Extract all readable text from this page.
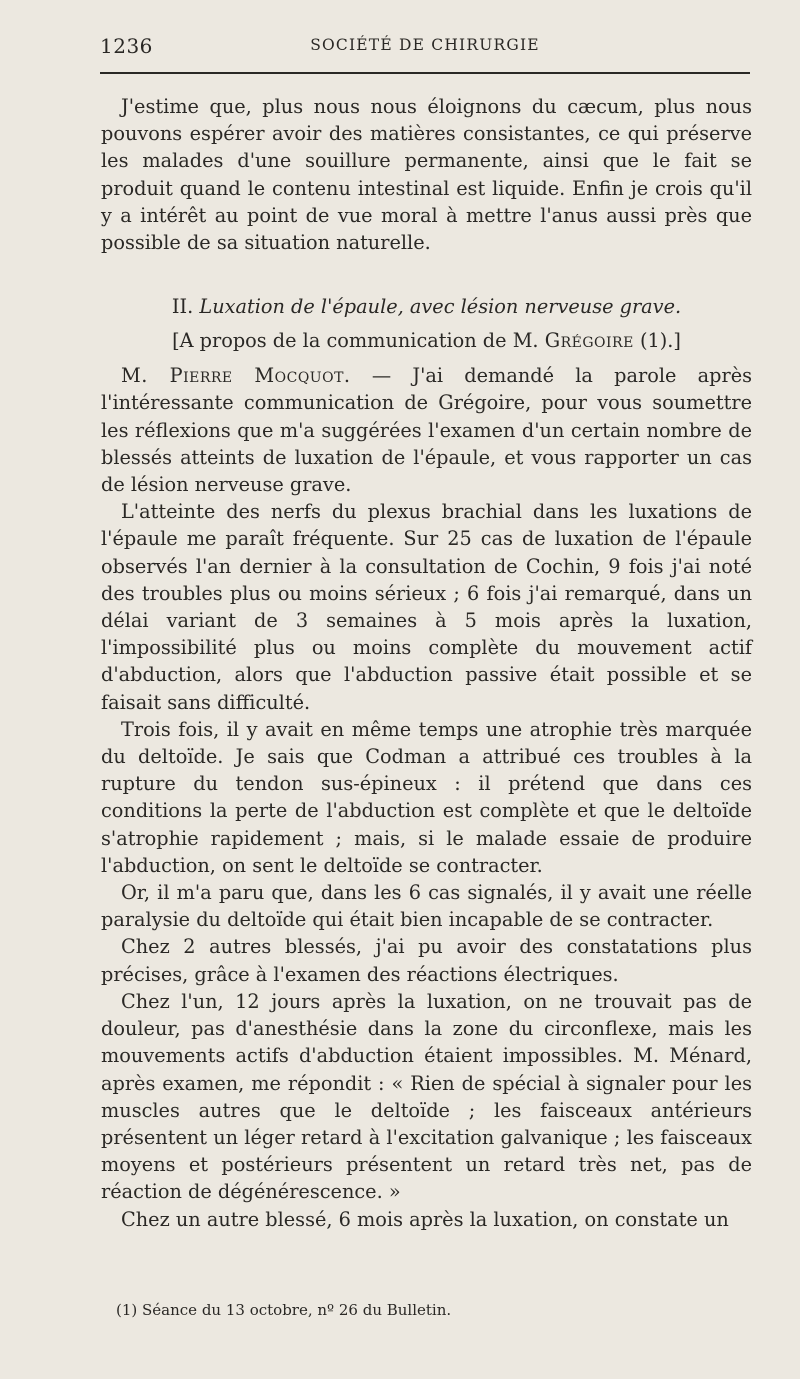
1236	SOCIÉTÉ DE CHIRURGIE

J'estime que, plus nous nous éloignons du cæcum, plus nous pouvons espérer avoir des matières consistantes, ce qui préserve les malades d'une souillure permanente, ainsi que le fait se produit quand le contenu intestinal est liquide. Enfin je crois qu'il y a intérêt au point de vue moral à mettre l'anus aussi près que possible de sa situation naturelle.

II. Luxation de l'épaule, avec lésion nerveuse grave.

[A propos de la communication de M. Grégoire (1).]

M. Pierre Mocquot. — J'ai demandé la parole après l'intéressante communication de Grégoire, pour vous soumettre les réflexions que m'a suggérées l'examen d'un certain nombre de blessés atteints de luxation de l'épaule, et vous rapporter un cas de lésion nerveuse grave.

L'atteinte des nerfs du plexus brachial dans les luxations de l'épaule me paraît fréquente. Sur 25 cas de luxation de l'épaule observés l'an dernier à la consultation de Cochin, 9 fois j'ai noté des troubles plus ou moins sérieux ; 6 fois j'ai remarqué, dans un délai variant de 3 semaines à 5 mois après la luxation, l'impossibilité plus ou moins complète du mouvement actif d'abduction, alors que l'abduction passive était possible et se faisait sans difficulté.

Trois fois, il y avait en même temps une atrophie très marquée du deltoïde. Je sais que Codman a attribué ces troubles à la rupture du tendon sus-épineux : il prétend que dans ces conditions la perte de l'abduction est complète et que le deltoïde s'atrophie rapidement ; mais, si le malade essaie de produire l'abduction, on sent le deltoïde se contracter.

Or, il m'a paru que, dans les 6 cas signalés, il y avait une réelle paralysie du deltoïde qui était bien incapable de se contracter.

Chez 2 autres blessés, j'ai pu avoir des constatations plus précises, grâce à l'examen des réactions électriques.

Chez l'un, 12 jours après la luxation, on ne trouvait pas de douleur, pas d'anesthésie dans la zone du circonflexe, mais les mouvements actifs d'abduction étaient impossibles. M. Ménard, après examen, me répondit : « Rien de spécial à signaler pour les muscles autres que le deltoïde ; les faisceaux antérieurs présentent un léger retard à l'excitation galvanique ; les faisceaux moyens et postérieurs présentent un retard très net, pas de réaction de dégénérescence. »

Chez un autre blessé, 6 mois après la luxation, on constate un

(1) Séance du 13 octobre, nº 26 du Bulletin.
